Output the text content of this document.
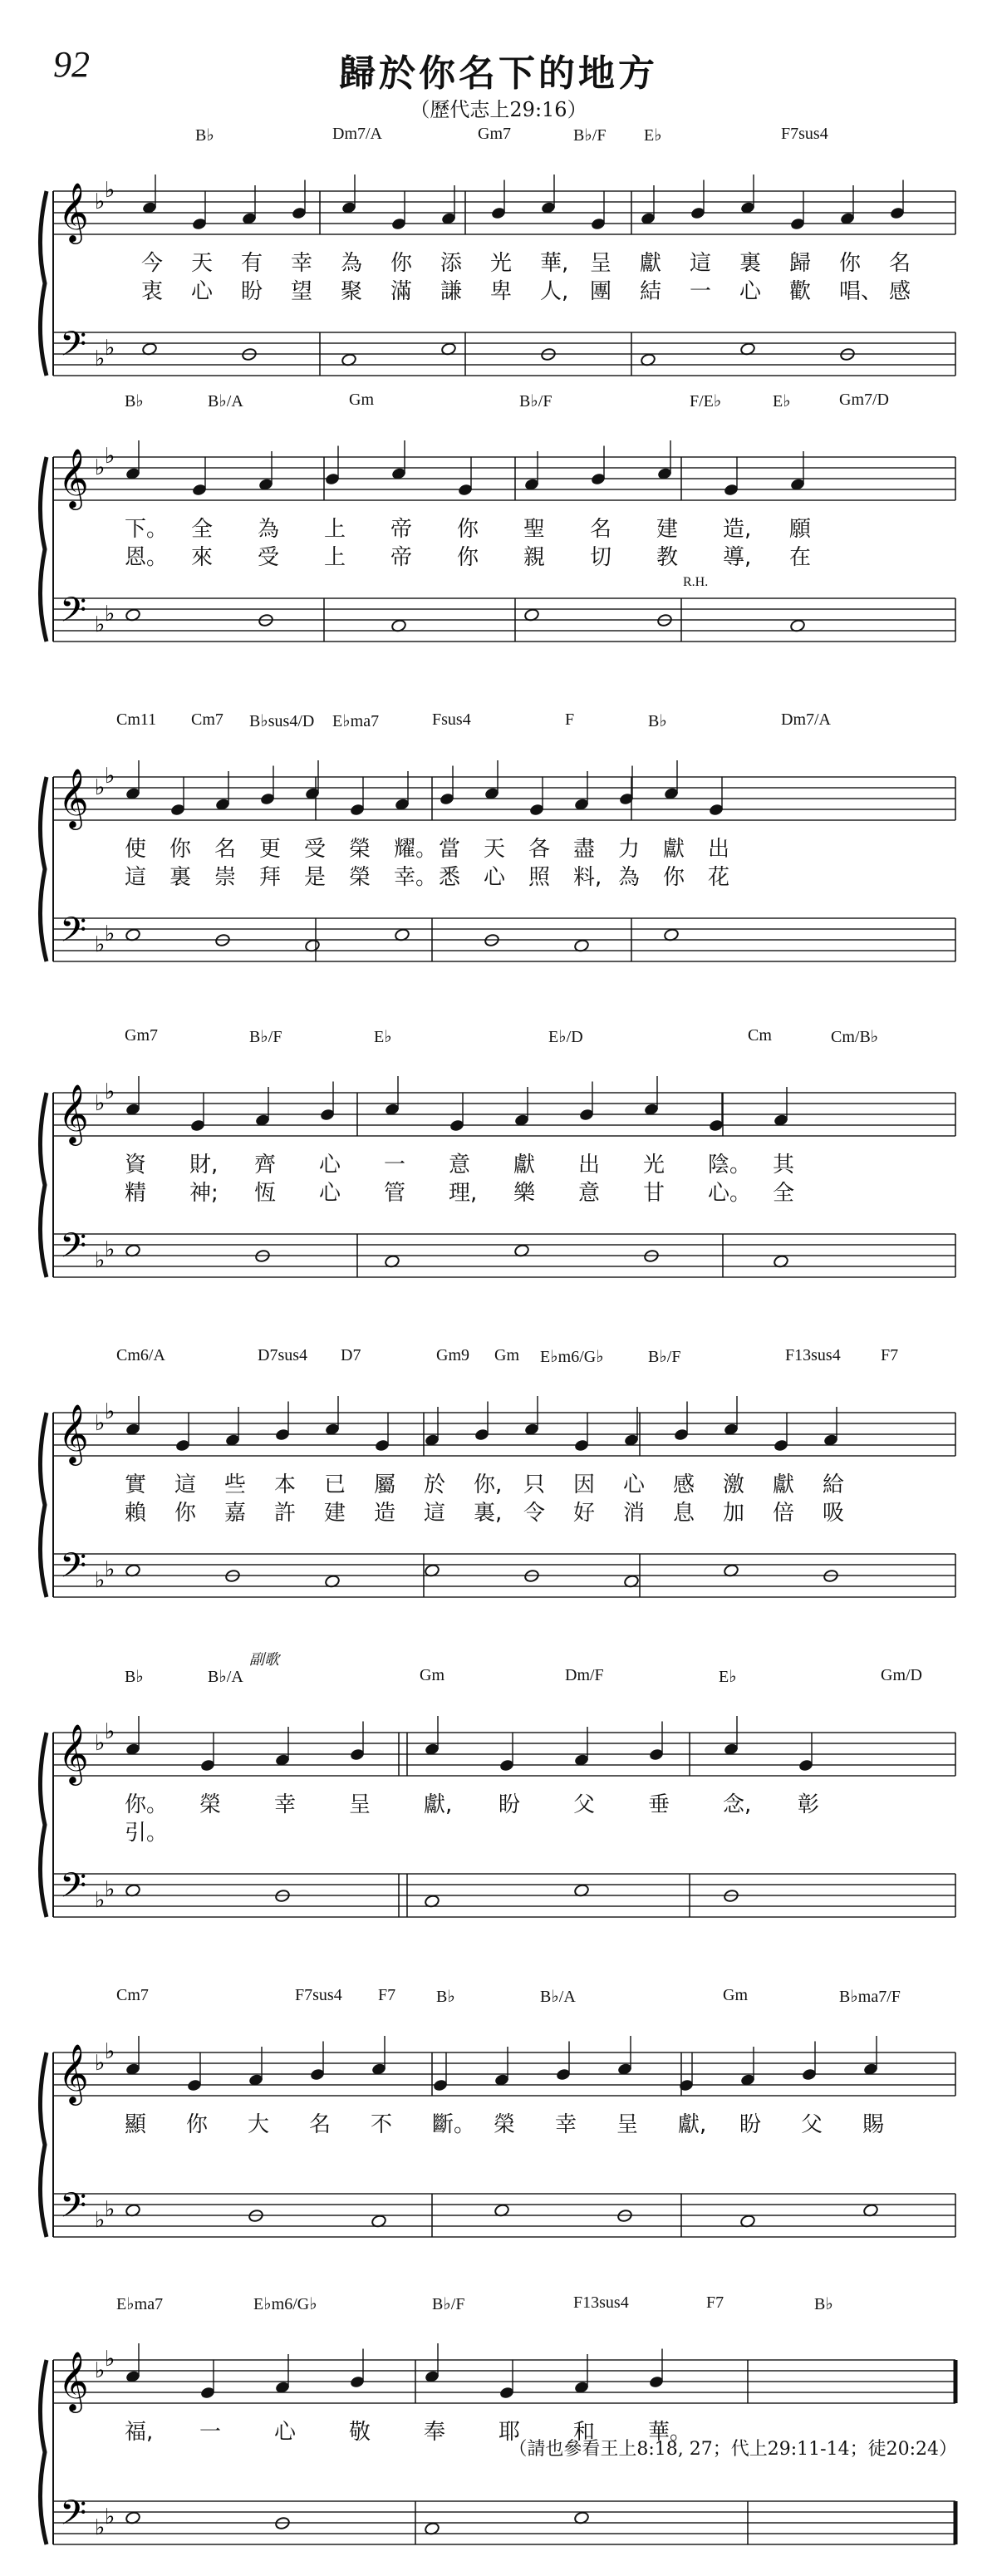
92	歸於你名下的地方
（歷代志上29:16）
𝄞
𝄢
♭ ♭
♭ ♭
B♭	Dm7/A	Gm7	B♭/F E♭	F7sus4
今 天 有 幸 為 你 添 光 華, 呈 獻 這 裏 歸 你 名
衷 心 盼 望 聚 滿 謙 卑 人, 團 結 一 心 歡 唱、 感
𝄞
𝄢
♭ ♭
♭ ♭
B♭	B♭/A	Gm	B♭/F	F/E♭	E♭	Gm7/D
下。 全 為 上 帝 你 聖 名 建 造, 願
恩。 來 受 上 帝 你 親 切 教 導, 在
R.H.
𝄞
𝄢
♭ ♭
♭ ♭
Cm11 Cm7 B♭sus4/D E♭ma7	Fsus4	F	B♭	Dm7/A
使 你 名 更 受 榮 耀。 當 天 各 盡 力 獻 出
這 裏 崇 拜 是 榮 幸。 悉 心 照 料, 為 你 花
𝄞
𝄢
♭ ♭
♭ ♭
Gm7	B♭/F	E♭	E♭/D	Cm	Cm/B♭
資 財, 齊 心 一 意 獻 出 光 陰。 其
精 神; 恆 心 管 理, 樂 意 甘 心。 全
𝄞
𝄢
♭ ♭
♭ ♭
Cm6/A	D7sus4 D7	Gm9 Gm E♭m6/G♭	B♭/F	F13sus4 F7
實 這 些 本 已 屬 於 你, 只 因 心 感 激 獻 給
賴 你 嘉 許 建 造 這 裏, 令 好 消 息 加 倍 吸
𝄞
𝄢
♭ ♭
♭ ♭
B♭	B♭/A	Gm	Dm/F	E♭	Gm/D
你。 榮 幸 呈 獻, 盼 父 垂 念, 彰
引。
副歌
𝄞
𝄢
♭ ♭
♭ ♭
Cm7	F7sus4 F7 B♭	B♭/A	Gm	B♭ma7/F
顯 你 大 名 不 斷。 榮 幸 呈 獻, 盼 父 賜
𝄞
𝄢
♭ ♭
♭ ♭
E♭ma7	E♭m6/G♭	B♭/F	F13sus4	F7	B♭
福, 一 心 敬 奉 耶 和 華。
（請也參看王上8:18, 27；代上29:11-14；徒20:24）
